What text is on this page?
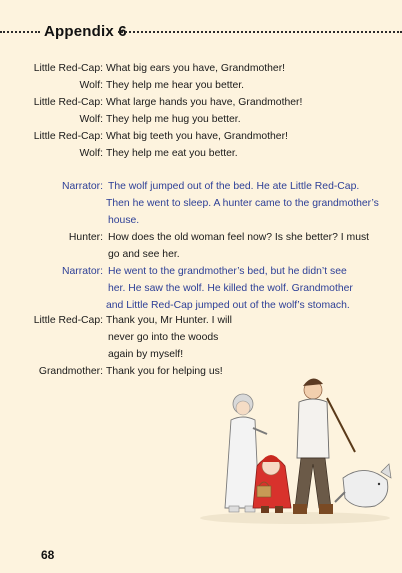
Appendix 6
Little Red-Cap: What big ears you have, Grandmother!
Wolf: They help me hear you better.
Little Red-Cap: What large hands you have, Grandmother!
Wolf: They help me hug you better.
Little Red-Cap: What big teeth you have, Grandmother!
Wolf: They help me eat you better.
Narrator: The wolf jumped out of the bed. He ate Little Red-Cap.
Then he went to sleep. A hunter came to the grandmother’s
house.
Hunter: How does the old woman feel now? Is she better? I must
go and see her.
Narrator: He went to the grandmother’s bed, but he didn’t see
her. He saw the wolf. He killed the wolf. Grandmother
and Little Red-Cap jumped out of the wolf’s stomach.
Little Red-Cap: Thank you, Mr Hunter. I will
never go into the woods
again by myself!
Grandmother: Thank you for helping us!
68
